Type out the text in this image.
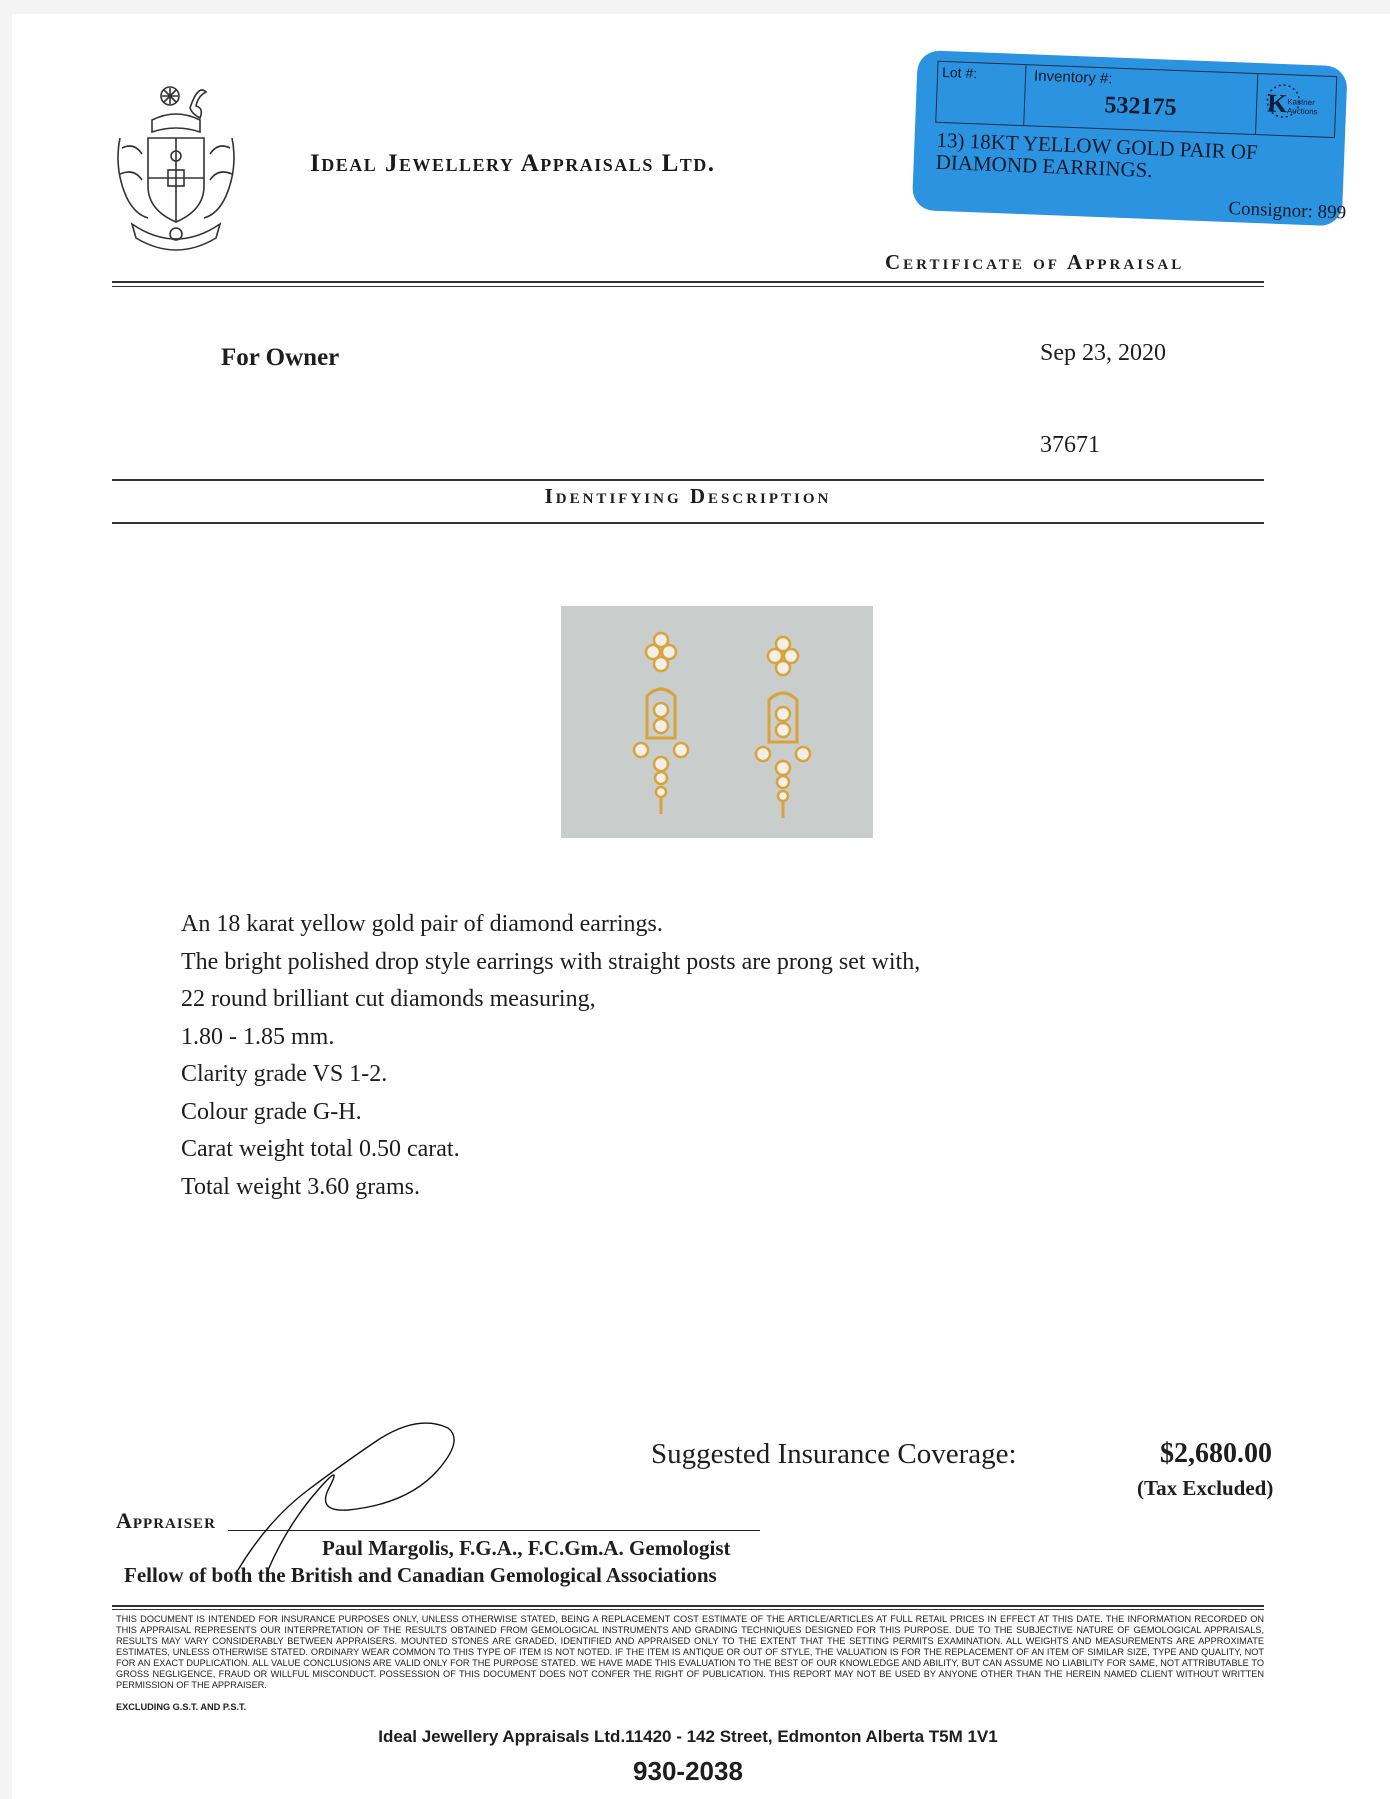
Ideal Jewellery Appraisals Ltd.
Lot #:	Inventory #:
532175	K Kastner Auctions
13) 18KT YELLOW GOLD PAIR OF DIAMOND EARRINGS.
Consignor: 899
Certificate of Appraisal
For Owner	Sep 23, 2020
37671
Identifying Description
An 18 karat yellow gold pair of diamond earrings.
The bright polished drop style earrings with straight posts are prong set with,
22 round brilliant cut diamonds measuring,
1.80 - 1.85 mm.
Clarity grade VS 1-2.
Colour grade G-H.
Carat weight total 0.50 carat.
Total weight 3.60 grams.
Suggested Insurance Coverage:	$2,680.00
(Tax Excluded)
Appraiser
Paul Margolis, F.G.A., F.C.Gm.A. Gemologist
Fellow of both the British and Canadian Gemological Associations
THIS DOCUMENT IS INTENDED FOR INSURANCE PURPOSES ONLY, UNLESS OTHERWISE STATED, BEING A REPLACEMENT COST ESTIMATE OF THE ARTICLE/ARTICLES AT FULL RETAIL PRICES IN EFFECT AT THIS DATE. THE INFORMATION RECORDED ON THIS APPRAISAL REPRESENTS OUR INTERPRETATION OF THE RESULTS OBTAINED FROM GEMOLOGICAL INSTRUMENTS AND GRADING TECHNIQUES DESIGNED FOR THIS PURPOSE. DUE TO THE SUBJECTIVE NATURE OF GEMOLOGICAL APPRAISALS, RESULTS MAY VARY CONSIDERABLY BETWEEN APPRAISERS. MOUNTED STONES ARE GRADED, IDENTIFIED AND APPRAISED ONLY TO THE EXTENT THAT THE SETTING PERMITS EXAMINATION. ALL WEIGHTS AND MEASUREMENTS ARE APPROXIMATE ESTIMATES, UNLESS OTHERWISE STATED. ORDINARY WEAR COMMON TO THIS TYPE OF ITEM IS NOT NOTED. IF THE ITEM IS ANTIQUE OR OUT OF STYLE, THE VALUATION IS FOR THE REPLACEMENT OF AN ITEM OF SIMILAR SIZE, TYPE AND QUALITY, NOT FOR AN EXACT DUPLICATION. ALL VALUE CONCLUSIONS ARE VALID ONLY FOR THE PURPOSE STATED. WE HAVE MADE THIS EVALUATION TO THE BEST OF OUR KNOWLEDGE AND ABILITY, BUT CAN ASSUME NO LIABILITY FOR SAME, NOT ATTRIBUTABLE TO GROSS NEGLIGENCE, FRAUD OR WILLFUL MISCONDUCT. POSSESSION OF THIS DOCUMENT DOES NOT CONFER THE RIGHT OF PUBLICATION. THIS REPORT MAY NOT BE USED BY ANYONE OTHER THAN THE HEREIN NAMED CLIENT WITHOUT WRITTEN PERMISSION OF THE APPRAISER.
EXCLUDING G.S.T. AND P.S.T.
Ideal Jewellery Appraisals Ltd.11420 - 142 Street, Edmonton Alberta T5M 1V1
930-2038
